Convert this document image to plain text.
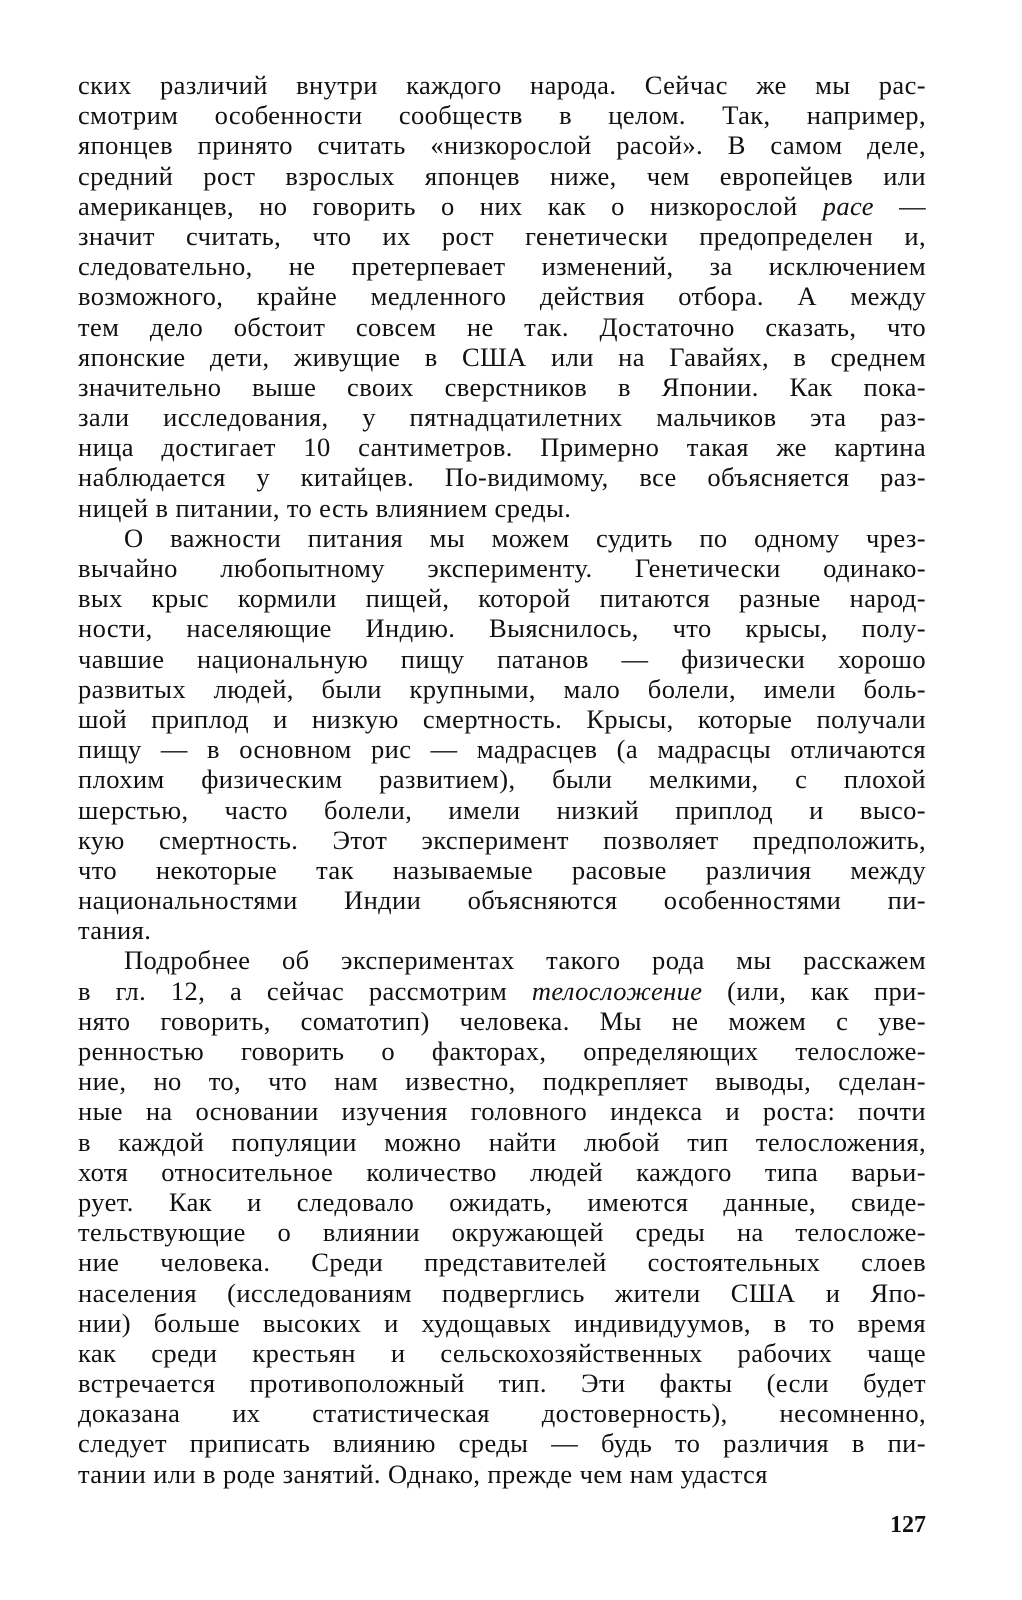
ских различий внутри каждого народа. Сейчас же мы рас-
смотрим особенности сообществ в целом. Так, например,
японцев принято считать «низкорослой расой». В самом деле,
средний рост взрослых японцев ниже, чем европейцев или
американцев, но говорить о них как о низкорослой расе —
значит считать, что их рост генетически предопределен и,
следовательно, не претерпевает изменений, за исключением
возможного, крайне медленного действия отбора. А между
тем дело обстоит совсем не так. Достаточно сказать, что
японские дети, живущие в США или на Гавайях, в среднем
значительно выше своих сверстников в Японии. Как пока-
зали исследования, у пятнадцатилетних мальчиков эта раз-
ница достигает 10 сантиметров. Примерно такая же картина
наблюдается у китайцев. По-видимому, все объясняется раз-
ницей в питании, то есть влиянием среды.
О важности питания мы можем судить по одному чрез-
вычайно любопытному эксперименту. Генетически одинако-
вых крыс кормили пищей, которой питаются разные народ-
ности, населяющие Индию. Выяснилось, что крысы, полу-
чавшие национальную пищу патанов — физически хорошо
развитых людей, были крупными, мало болели, имели боль-
шой приплод и низкую смертность. Крысы, которые получали
пищу — в основном рис — мадрасцев (а мадрасцы отличаются
плохим физическим развитием), были мелкими, с плохой
шерстью, часто болели, имели низкий приплод и высо-
кую смертность. Этот эксперимент позволяет предположить,
что некоторые так называемые расовые различия между
национальностями Индии объясняются особенностями пи-
тания.
Подробнее об экспериментах такого рода мы расскажем
в гл. 12, а сейчас рассмотрим телосложение (или, как при-
нято говорить, соматотип) человека. Мы не можем с уве-
ренностью говорить о факторах, определяющих телосложе-
ние, но то, что нам известно, подкрепляет выводы, сделан-
ные на основании изучения головного индекса и роста: почти
в каждой популяции можно найти любой тип телосложения,
хотя относительное количество людей каждого типа варьи-
рует. Как и следовало ожидать, имеются данные, свиде-
тельствующие о влиянии окружающей среды на телосложе-
ние человека. Среди представителей состоятельных слоев
населения (исследованиям подверглись жители США и Япо-
нии) больше высоких и худощавых индивидуумов, в то время
как среди крестьян и сельскохозяйственных рабочих чаще
встречается противоположный тип. Эти факты (если будет
доказана их статистическая достоверность), несомненно,
следует приписать влиянию среды — будь то различия в пи-
тании или в роде занятий. Однако, прежде чем нам удастся
127
